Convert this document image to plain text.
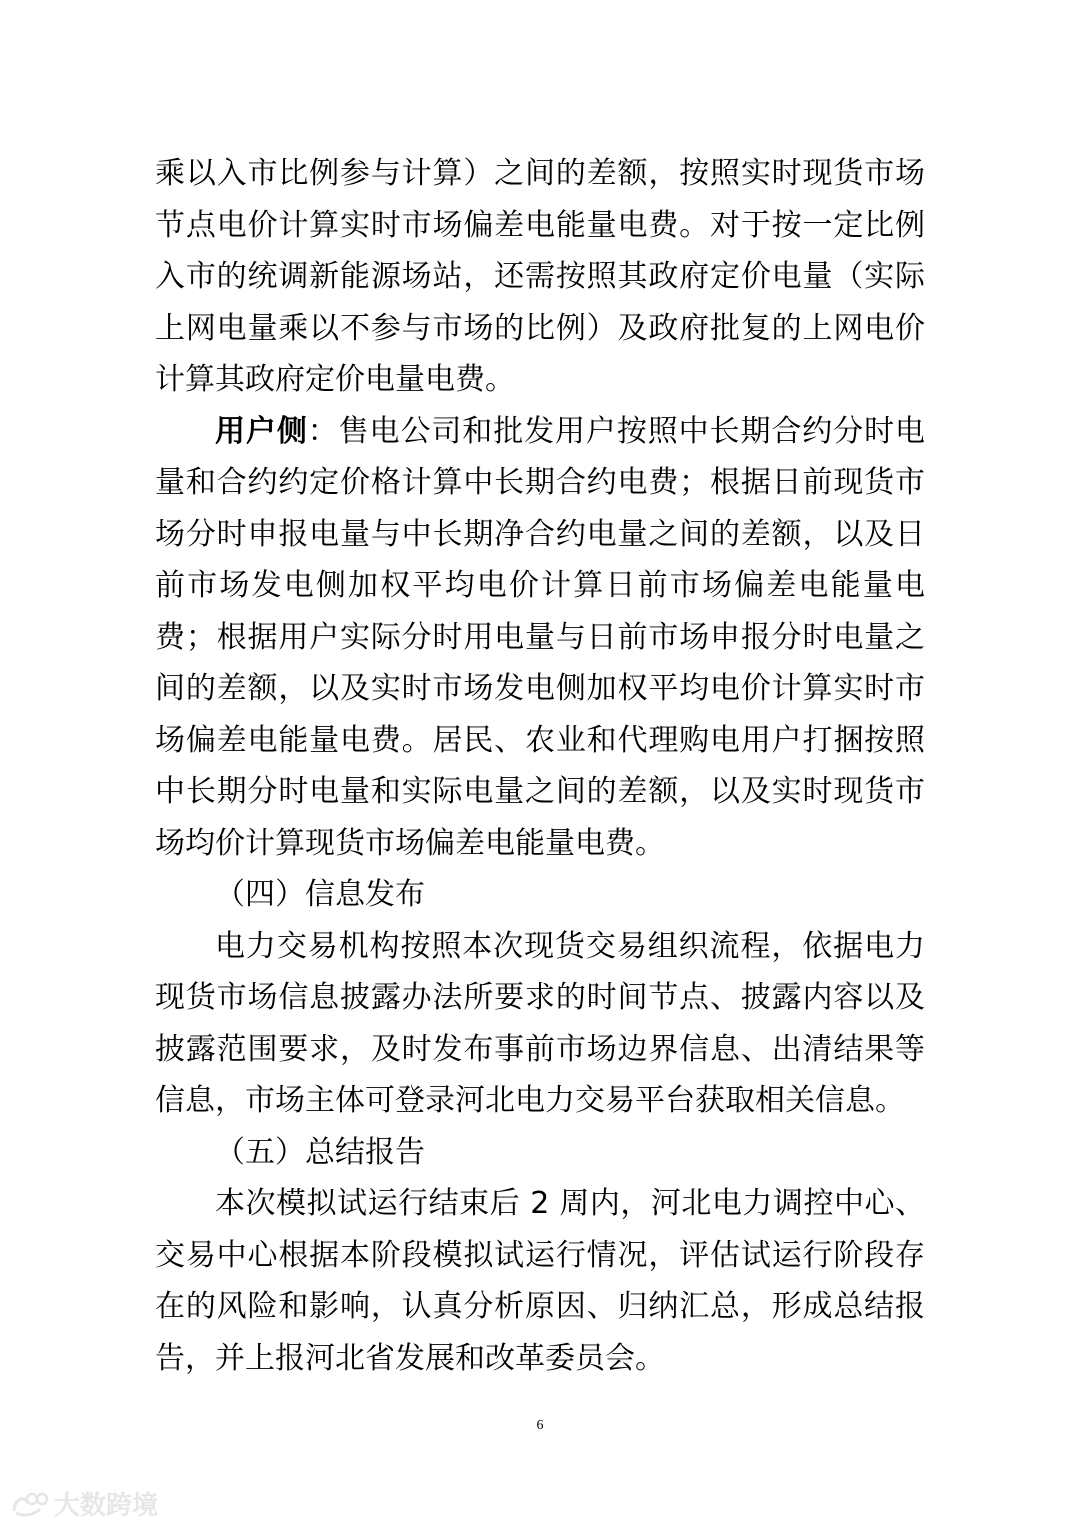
乘以入市比例参与计算）之间的差额，按照实时现货市场节点电价计算实时市场偏差电能量电费。对于按一定比例入市的统调新能源场站，还需按照其政府定价电量（实际上网电量乘以不参与市场的比例）及政府批复的上网电价计算其政府定价电量电费。

用户侧：售电公司和批发用户按照中长期合约分时电量和合约约定价格计算中长期合约电费；根据日前现货市场分时申报电量与中长期净合约电量之间的差额，以及日前市场发电侧加权平均电价计算日前市场偏差电能量电费；根据用户实际分时用电量与日前市场申报分时电量之间的差额，以及实时市场发电侧加权平均电价计算实时市场偏差电能量电费。居民、农业和代理购电用户打捆按照中长期分时电量和实际电量之间的差额，以及实时现货市场均价计算现货市场偏差电能量电费。

（四）信息发布

电力交易机构按照本次现货交易组织流程，依据电力现货市场信息披露办法所要求的时间节点、披露内容以及披露范围要求，及时发布事前市场边界信息、出清结果等信息，市场主体可登录河北电力交易平台获取相关信息。

（五）总结报告

本次模拟试运行结束后 2 周内，河北电力调控中心、交易中心根据本阶段模拟试运行情况，评估试运行阶段存在的风险和影响，认真分析原因、归纳汇总，形成总结报告，并上报河北省发展和改革委员会。

6
大数跨境
